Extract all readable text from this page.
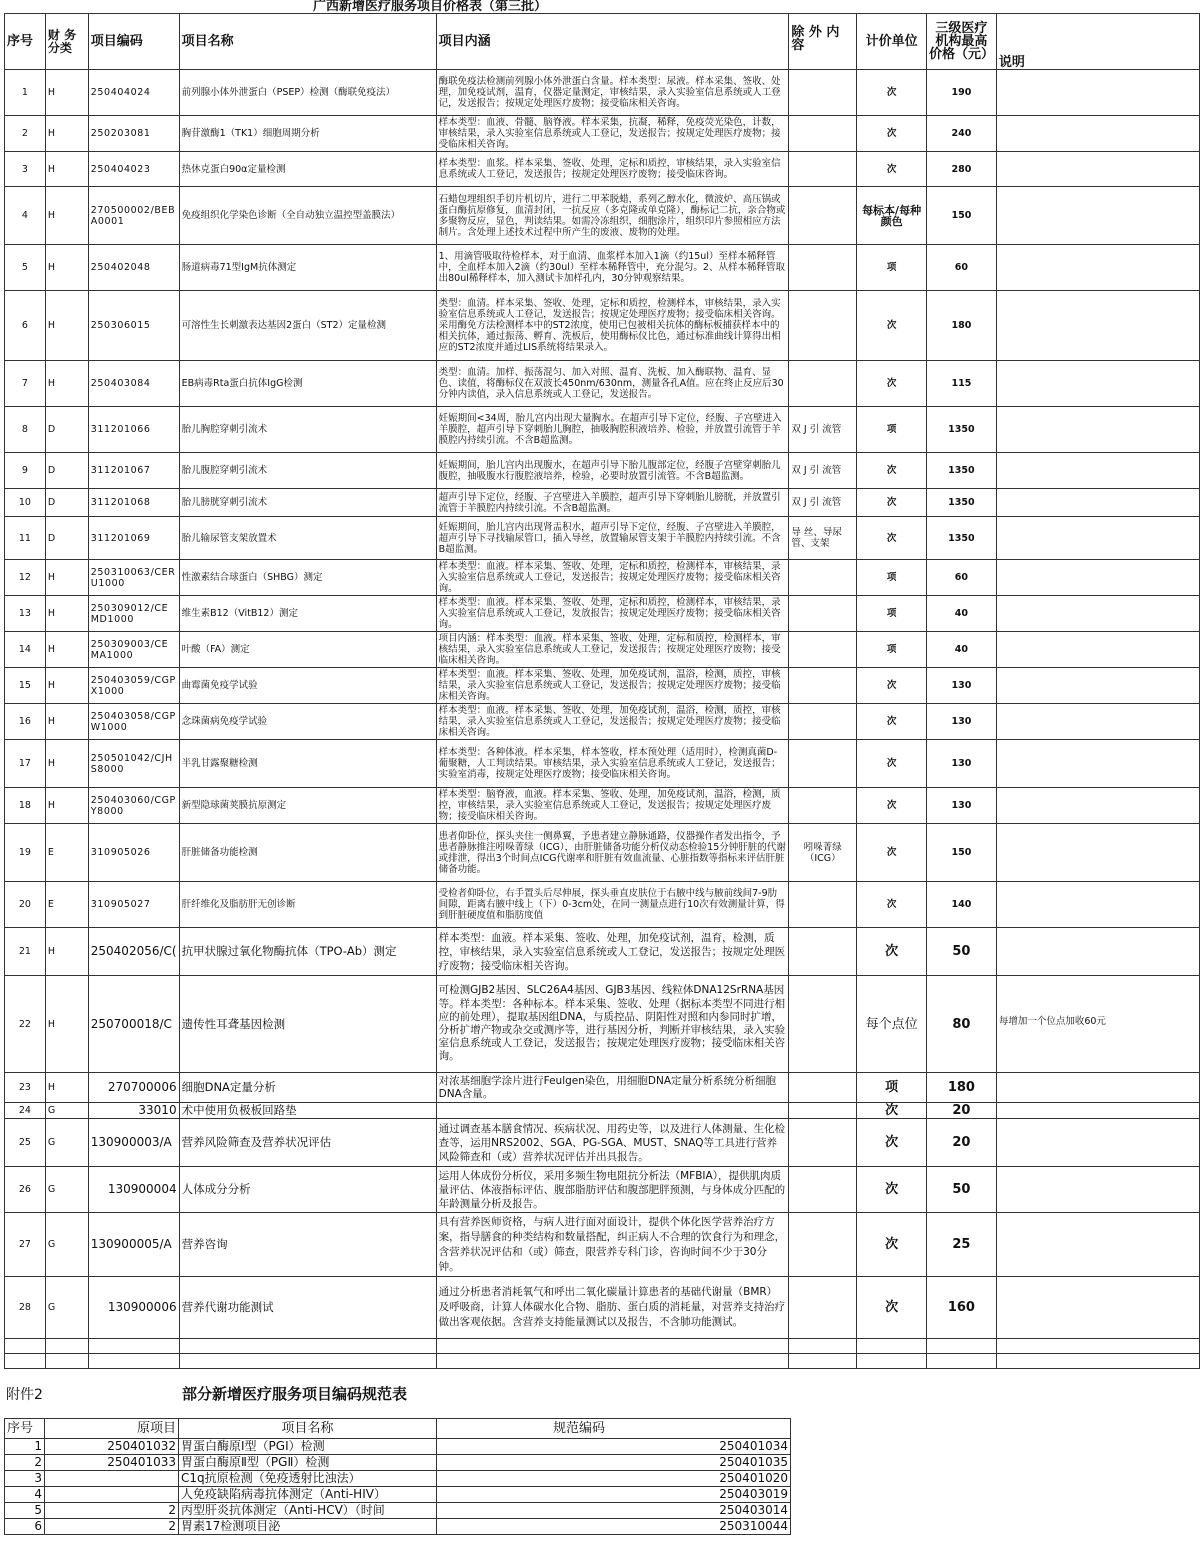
广西新增医疗服务项目价格表（第三批）
序号	财 务分类	项目编码	项目名称	项目内涵	除 外 内 容	计价单位	三级医疗机构最高价格（元）	说明
1	H	250404024	前列腺小体外泄蛋白（PSEP）检测（酶联免疫法）	酶联免疫法检测前列腺小体外泄蛋白含量。样本类型：尿液。样本采集、签收、处理，加免疫试剂，温育，仪器定量测定，审核结果，录入实验室信息系统或人工登记，发送报告；按规定处理医疗废物；接受临床相关咨询。		次	190	
2	H	250203081	胸苷激酶1（TK1）细胞周期分析	样本类型：血液、骨髓、脑脊液。样本采集，抗凝，稀释，免疫荧光染色，计数，审核结果，录入实验室信息系统或人工登记，发送报告；按规定处理医疗废物；接受临床相关咨询。		次	240	
3	H	250404023	热休克蛋白90α定量检测	样本类型：血浆。样本采集、签收、处理，定标和质控，审核结果，录入实验室信息系统或人工登记，发送报告；按规定处理医疗废物；接受临床咨询。		次	280	
4	H	270500002/BEBA0001	免疫组织化学染色诊断（全自动独立温控型盖膜法）	石蜡包埋组织手切片机切片，进行二甲苯脱蜡，系列乙醇水化，微波炉、高压锅或蛋白酶抗原修复，血清封闭，一抗反应（多克隆或单克隆），酶标记二抗，亲合物或多聚物反应，显色，判读结果。如需冷冻组织，细胞涂片，组织印片参照相应方法制片。含处理上述技术过程中所产生的废液、废物的处理。		每标本/每种颜色	150	
5	H	250402048	肠道病毒71型IgM抗体测定	1、用滴管吸取待检样本，对于血清、血浆样本加入1滴（约15ul）至样本稀释管中，全血样本加入2滴（约30ul）至样本稀释管中，充分混匀。2、从样本稀释管取出80ul稀释样本，加入测试卡加样孔内，30分钟观察结果。		项	60	
6	H	250306015	可溶性生长刺激表达基因2蛋白（ST2）定量检测	类型：血清。样本采集、签收、处理，定标和质控，检测样本，审核结果，录入实验室信息系统或人工登记，发送报告；按规定处理医疗废物；接受临床相关咨询。采用酶免方法检测样本中的ST2浓度，使用已包被相关抗体的酶标板捕获样本中的相关抗体，通过振荡、孵育、洗板后，使用酶标仪比色，通过标准曲线计算得出相应的ST2浓度并通过LIS系统将结果录入。		次	180	
7	H	250403084	EB病毒Rta蛋白抗体IgG检测	类型：血清。加样、振荡混匀、加入对照、温育、洗板、加入酶联物、温育、显色、读值，将酶标仪在双波长450nm/630nm，测量各孔A值。应在终止反应后30分钟内读值，录入信息系统或人工登记，发送报告。		次	115	
8	D	311201066	胎儿胸腔穿刺引流术	妊娠期间<34周，胎儿宫内出现大量胸水。在超声引导下定位，经腹、子宫壁进入羊膜腔，超声引导下穿刺胎儿胸腔，抽吸胸腔积液培养、检验，并放置引流管于羊膜腔内持续引流。不含B超监测。	双 J 引 流管	项	1350	
9	D	311201067	胎儿腹腔穿刺引流术	妊娠期间，胎儿宫内出现腹水，在超声引导下胎儿腹部定位，经腹子宫壁穿刺胎儿腹腔，抽吸腹水行腹腔液培养，检验，必要时放置引流管。不含B超监测。	双 J 引 流管	次	1350	
10	D	311201068	胎儿膀胱穿刺引流术	超声引导下定位，经腹、子宫壁进入羊膜腔，超声引导下穿刺胎儿膀胱，并放置引流管于羊膜腔内持续引流。不含B超监测。	双 J 引 流管	次	1350	
11	D	311201069	胎儿输尿管支架放置术	妊娠期间，胎儿宫内出现肾盂积水，超声引导下定位，经腹、子宫壁进入羊膜腔，超声引导下寻找输尿管口，插入导丝，放置输尿管支架于羊膜腔内持续引流。不含B超监测。	导 丝、导尿管、支架	次	1350	
12	H	250310063/CERU1000	性激素结合球蛋白（SHBG）测定	样本类型：血液。样本采集、签收、处理，定标和质控，检测样本，审核结果，录入实验室信息系统或人工登记，发送报告；按规定处理医疗废物；接受临床相关咨询。		项	60	
13	H	250309012/CEMD1000	维生素B12（VitB12）测定	样本类型：血液。样本采集、签收、处理，定标和质控，检测样本，审核结果，录入实验室信息系统或人工登记，发放报告；按规定处理医疗废物；接受临床相关咨询。		项	40	
14	H	250309003/CEMA1000	叶酸（FA）测定	项目内涵：样本类型：血液。样本采集、签收、处理，定标和质控，检测样本，审核结果，录入实验室信息系统或人工登记，发送报告；按规定处理医疗废物；接受临床相关咨询。		项	40	
15	H	250403059/CGPX1000	曲霉菌免疫学试验	样本类型：血液。样本采集、签收、处理，加免疫试剂，温浴，检测，质控，审核结果，录入实验室信息系统或人工登记，发送报告；按规定处理医疗废物；接受临床相关咨询。		次	130	
16	H	250403058/CGPW1000	念珠菌病免疫学试验	样本类型：血液。样本采集、签收、处理，加免疫试剂，温浴，检测，质控，审核结果，录入实验室信息系统或人工登记，发送报告；按规定处理医疗废物；接受临床相关咨询。		次	130	
17	H	250501042/CJHS8000	半乳甘露聚糖检测	样本类型：各种体液。样本采集，样本签收，样本预处理（适用时），检测真菌D-葡聚糖，人工判读结果。审核结果，录入实验室信息系统或人工登记，发送报告；实验室消毒，按规定处理医疗废物；接受临床相关咨询。		次	130	
18	H	250403060/CGPY8000	新型隐球菌荚膜抗原测定	样本类型：脑脊液，血液。样本采集、签收、处理，加免疫试剂，温浴，检测，质控，审核结果，录入实验室信息系统或人工登记，发送报告；按规定处理医疗废物；接受临床相关咨询。		次	130	
19	E	310905026	肝脏储备功能检测	患者仰卧位，探头夹住一侧鼻翼，予患者建立静脉通路，仪器操作者发出指令，予患者静脉推注吲哚菁绿（ICG），由肝脏储备功能分析仪动态检验15分钟肝脏的代谢或排泄，得出3个时间点ICG代谢率和肝脏有效血流量、心脏指数等指标来评估肝脏储备功能。	吲哚菁绿（ICG）	次	150	
20	E	310905027	肝纤维化及脂肪肝无创诊断	受检者仰卧位，右手置头后尽伸展，探头垂直皮肤位于右腋中线与腋前线间7-9肋间隙，距离右腋中线上（下）0-3cm处，在同一测量点进行10次有效测量计算，得到肝脏硬度值和脂肪度值		次	140	
21	H	250402056/C(	抗甲状腺过氧化物酶抗体（TPO-Ab）测定	样本类型：血液。样本采集、签收、处理，加免疫试剂，温育，检测，质控，审核结果，录入实验室信息系统或人工登记，发送报告；按规定处理医疗废物；接受临床相关咨询。		次	50	
22	H	250700018/C	遗传性耳聋基因检测	可检测GJB2基因、SLC26A4基因、GJB3基因、线粒体DNA12SrRNA基因等。样本类型：各种标本。样本采集、签收、处理（据标本类型不同进行相应的前处理），提取基因组DNA，与质控品、阴阳性对照和内参同时扩增，分析扩增产物或杂交或测序等，进行基因分析，判断并审核结果，录入实验室信息系统或人工登记，发送报告；按规定处理医疗废物；接受临床相关咨询。		每个点位	80	每增加一个位点加收60元
23	H	270700006	细胞DNA定量分析	对浓基细胞学涂片进行Feulgen染色，用细胞DNA定量分析系统分析细胞DNA含量。		项	180	
24	G	33010	术中使用负极板回路垫			次	20	
25	G	130900003/A	营养风险筛查及营养状况评估	通过调查基本膳食情况、疾病状况、用药史等，以及进行人体测量、生化检查等，运用NRS2002、SGA、PG-SGA、MUST、SNAQ等工具进行营养风险筛查和（或）营养状况评估并出具报告。		次	20	
26	G	130900004	人体成分分析	运用人体成份分析仪，采用多频生物电阻抗分析法（MFBIA），提供肌肉质量评估、体液指标评估、腹部脂肪评估和腹部肥胖预测，与身体成分匹配的年龄测量分析及报告。		次	50	
27	G	130900005/A	营养咨询	具有营养医师资格，与病人进行面对面设计，提供个体化医学营养治疗方案，指导膳食的种类结构和数量搭配，纠正病人不合理的饮食行为和理念，含营养状况评估和（或）筛查，限营养专科门诊，咨询时间不少于30分钟。		次	25	
28	G	130900006	营养代谢功能测试	通过分析患者消耗氧气和呼出二氧化碳量计算患者的基础代谢量（BMR）及呼吸商，计算人体碳水化合物、脂肪、蛋白质的消耗量，对营养支持治疗做出客观依据。含营养支持能量测试以及报告，不含肺功能测试。		次	160	

附件2	部分新增医疗服务项目编码规范表
序号	原项目	项目名称	规范编码
1	250401032	胃蛋白酶原Ⅰ型（PGⅠ）检测	250401034
2	250401033	胃蛋白酶原Ⅱ型（PGⅡ）检测	250401035
3		C1q抗原检测（免疫透射比浊法）	250401020
4		人免疫缺陷病毒抗体测定（Anti-HIV）	250403019
5	2	丙型肝炎抗体测定（Anti-HCV）（时间	250403014
6	2	胃素17检测项目泌	250310044
